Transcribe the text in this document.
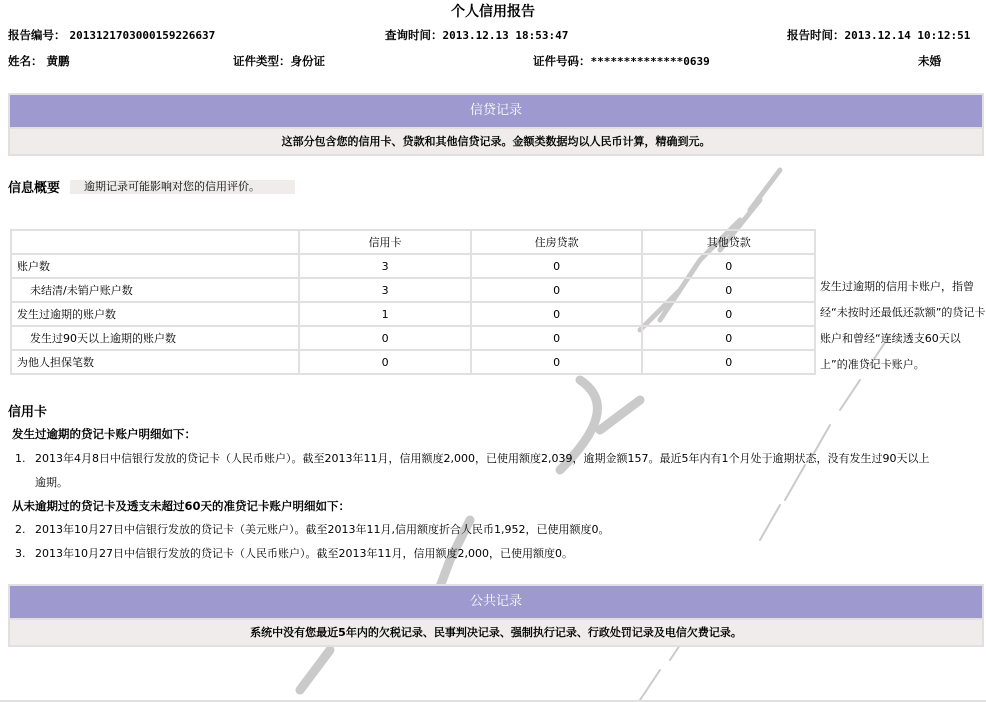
个人信用报告
报告编号： 2013121703000159226637	查询时间：2013.12.13 18:53:47	报告时间：2013.12.14 10:12:51
姓名： 黄鹏	证件类型：身份证	证件号码：**************0639	未婚
信贷记录
这部分包含您的信用卡、贷款和其他信贷记录。金额类数据均以人民币计算，精确到元。
信息概要	逾期记录可能影响对您的信用评价。
	信用卡	住房贷款	其他贷款
账户数	3	0	0
未结清/未销户账户数	3	0	0
发生过逾期的账户数	1	0	0
发生过90天以上逾期的账户数	0	0	0
为他人担保笔数	0	0	0
发生过逾期的信用卡账户，指曾经“未按时还最低还款额”的贷记卡账户和曾经“连续透支60天以上”的准贷记卡账户。
信用卡
发生过逾期的贷记卡账户明细如下：
1. 2013年4月8日中信银行发放的贷记卡（人民币账户）。截至2013年11月，信用额度2,000，已使用额度2,039，逾期金额157。最近5年内有1个月处于逾期状态，没有发生过90天以上
逾期。
从未逾期过的贷记卡及透支未超过60天的准贷记卡账户明细如下：
2. 2013年10月27日中信银行发放的贷记卡（美元账户）。截至2013年11月,信用额度折合人民币1,952，已使用额度0。
3. 2013年10月27日中信银行发放的贷记卡（人民币账户）。截至2013年11月，信用额度2,000，已使用额度0。
公共记录
系统中没有您最近5年内的欠税记录、民事判决记录、强制执行记录、行政处罚记录及电信欠费记录。
